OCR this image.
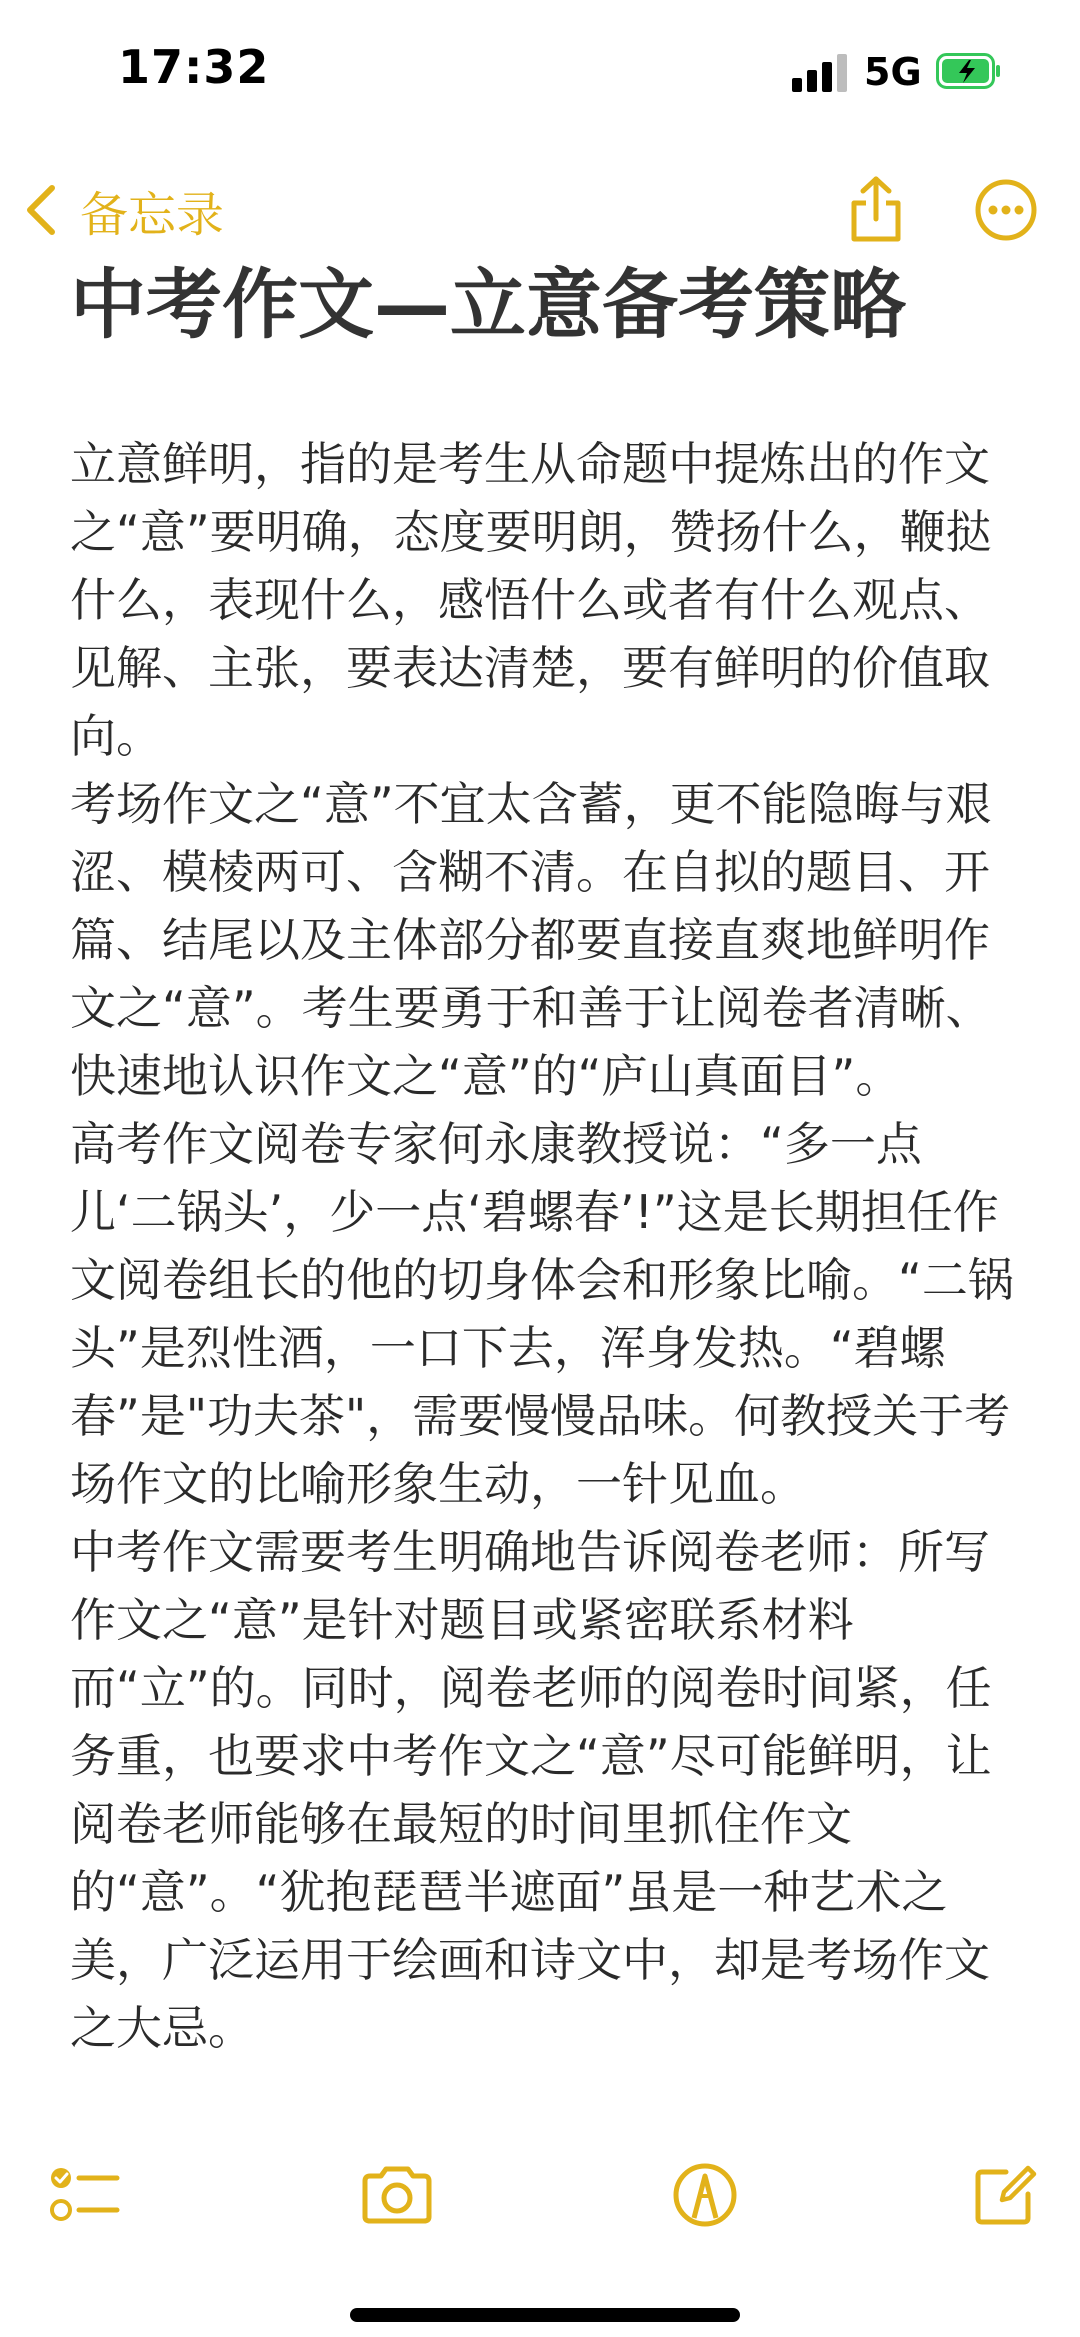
17:32	5G
备忘录
中考作文—立意备考策略

立意鲜明，指的是考生从命题中提炼出的作文之“意”要明确，态度要明朗，赞扬什么，鞭挞什么，表现什么，感悟什么或者有什么观点、见解、主张，要表达清楚，要有鲜明的价值取向。

考场作文之“意”不宜太含蓄，更不能隐晦与艰涩、模棱两可、含糊不清。在自拟的题目、开篇、结尾以及主体部分都要直接直爽地鲜明作文之“意”。考生要勇于和善于让阅卷者清晰、快速地认识作文之“意”的“庐山真面目”。

高考作文阅卷专家何永康教授说：“多一点儿‘二锅头’，少一点‘碧螺春’!”这是长期担任作文阅卷组长的他的切身体会和形象比喻。“二锅头”是烈性酒，一口下去，浑身发热。“碧螺春”是"功夫茶"，需要慢慢品味。何教授关于考场作文的比喻形象生动，一针见血。

中考作文需要考生明确地告诉阅卷老师：所写作文之“意”是针对题目或紧密联系材料而“立”的。同时，阅卷老师的阅卷时间紧，任务重，也要求中考作文之“意”尽可能鲜明，让阅卷老师能够在最短的时间里抓住作文的“意”。“犹抱琵琶半遮面”虽是一种艺术之美，广泛运用于绘画和诗文中，却是考场作文之大忌。
